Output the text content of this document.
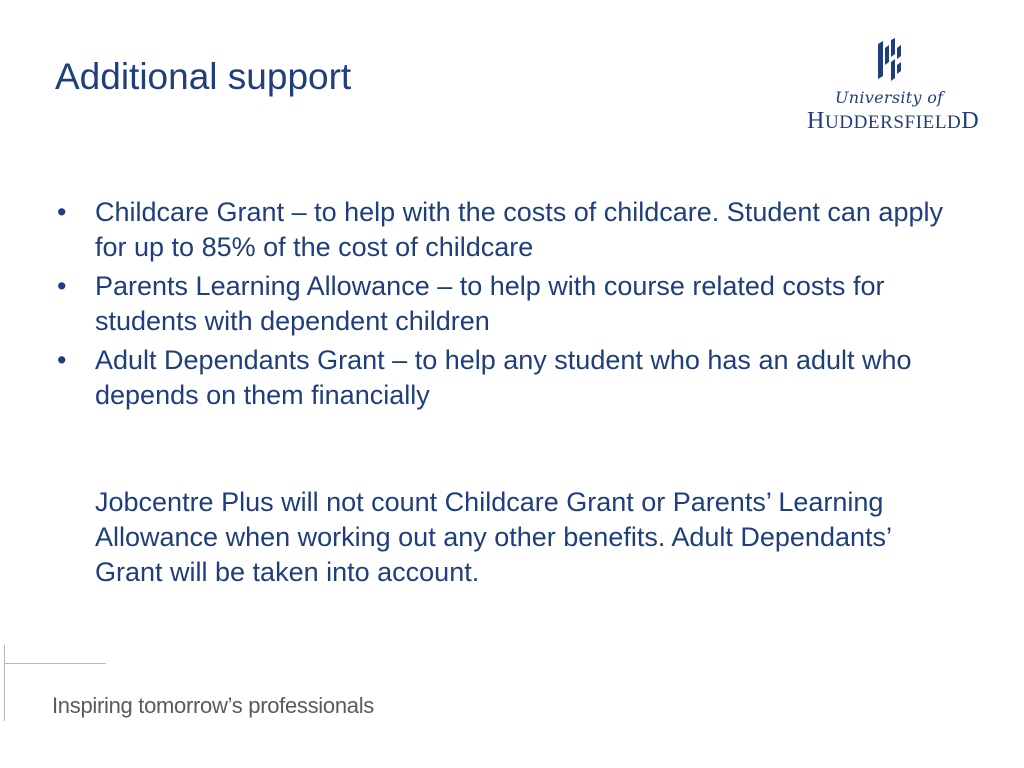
Additional support
University of
HUDDERSFIELDD
• Childcare Grant – to help with the costs of childcare. Student can apply for up to 85% of the cost of childcare
• Parents Learning Allowance – to help with course related costs for students with dependent children
• Adult Dependants Grant – to help any student who has an adult who depends on them financially

Jobcentre Plus will not count Childcare Grant or Parents’ Learning Allowance when working out any other benefits. Adult Dependants’ Grant will be taken into account.

Inspiring tomorrow’s professionals
